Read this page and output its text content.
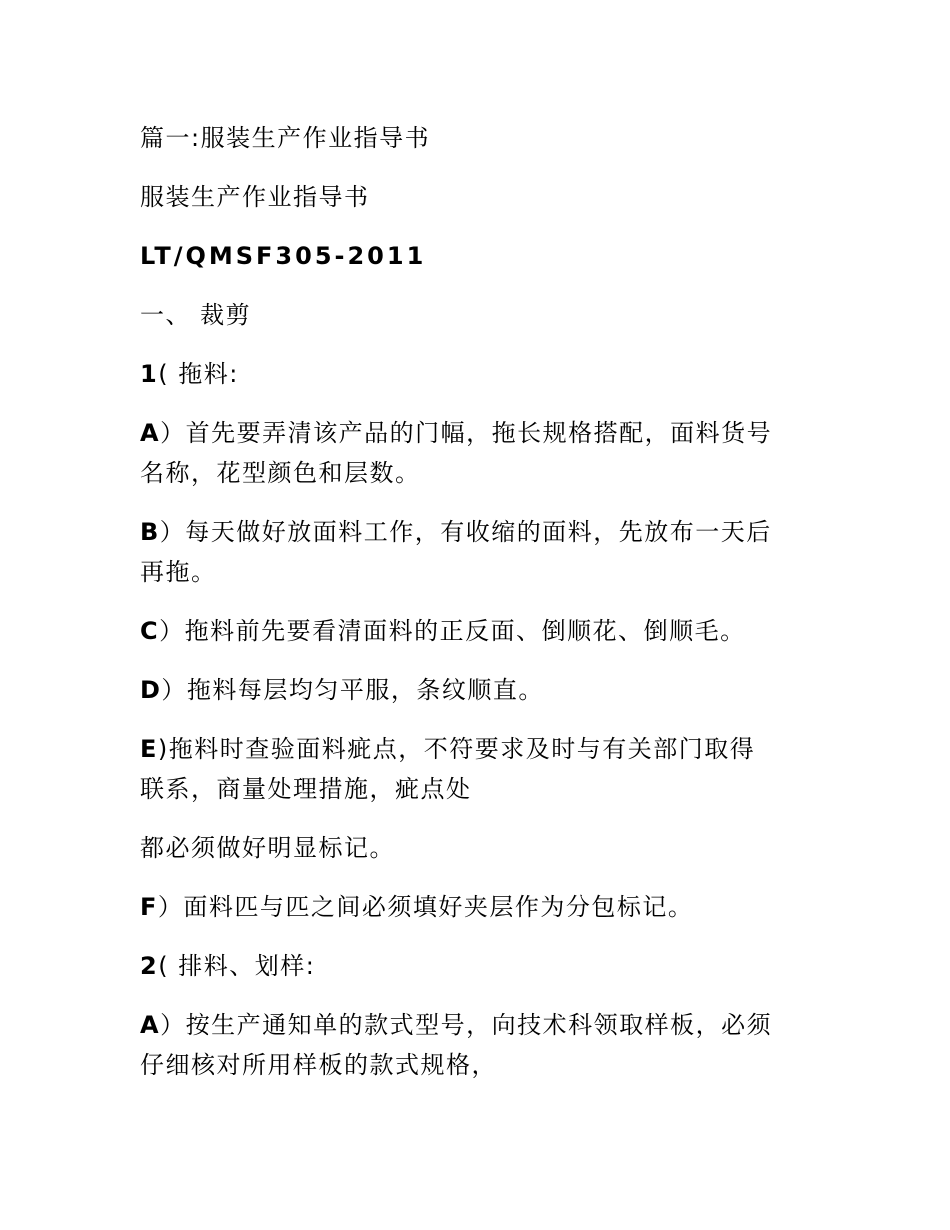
篇一:服装生产作业指导书

服装生产作业指导书

LT/QMSF305-2011

一、 裁剪

1( 拖料:

A）首先要弄清该产品的门幅，拖长规格搭配，面料货号
名称，花型颜色和层数。
B）每天做好放面料工作，有收缩的面料，先放布一天后
再拖。

C）拖料前先要看清面料的正反面、倒顺花、倒顺毛。

D）拖料每层均匀平服，条纹顺直。

E)拖料时查验面料疵点，不符要求及时与有关部门取得
联系，商量处理措施，疵点处

都必须做好明显标记。

F）面料匹与匹之间必须填好夹层作为分包标记。

2( 排料、划样:

A）按生产通知单的款式型号，向技术科领取样板，必须
仔细核对所用样板的款式规格，
